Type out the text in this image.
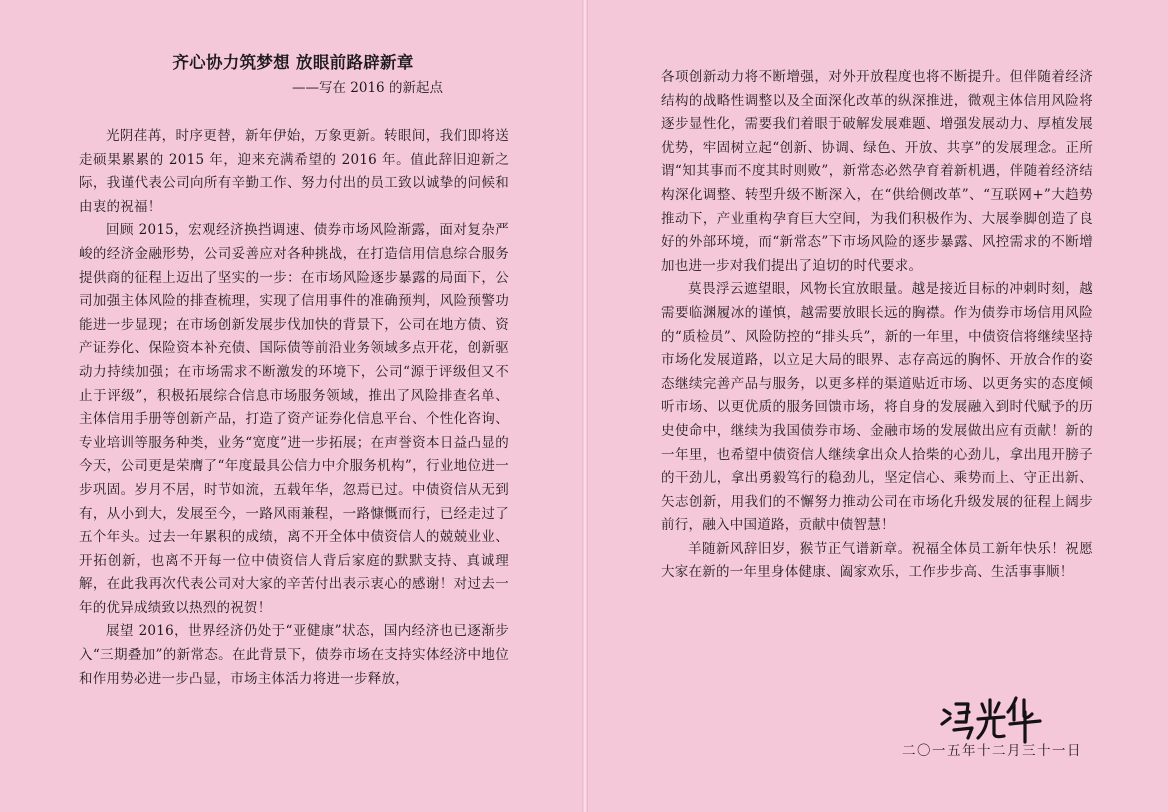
齐心协力筑梦想 放眼前路辟新章
——写在 2016 的新起点

光阴荏苒，时序更替，新年伊始，万象更新。转眼间，我们即将送走硕果累累的 2015 年，迎来充满希望的 2016 年。值此辞旧迎新之际，我谨代表公司向所有辛勤工作、努力付出的员工致以诚挚的问候和由衷的祝福！

回顾 2015，宏观经济换挡调速、债券市场风险渐露，面对复杂严峻的经济金融形势，公司妥善应对各种挑战，在打造信用信息综合服务提供商的征程上迈出了坚实的一步：在市场风险逐步暴露的局面下，公司加强主体风险的排查梳理，实现了信用事件的准确预判，风险预警功能进一步显现；在市场创新发展步伐加快的背景下，公司在地方债、资产证券化、保险资本补充债、国际债等前沿业务领域多点开花，创新驱动力持续加强；在市场需求不断激发的环境下，公司“源于评级但又不止于评级”，积极拓展综合信息市场服务领域，推出了风险排查名单、主体信用手册等创新产品，打造了资产证券化信息平台、个性化咨询、专业培训等服务种类，业务“宽度”进一步拓展；在声誉资本日益凸显的今天，公司更是荣膺了“年度最具公信力中介服务机构”，行业地位进一步巩固。岁月不居，时节如流，五载年华，忽焉已过。中债资信从无到有，从小到大，发展至今，一路风雨兼程，一路慷慨而行，已经走过了五个年头。过去一年累积的成绩，离不开全体中债资信人的兢兢业业、开拓创新，也离不开每一位中债资信人背后家庭的默默支持、真诚理解，在此我再次代表公司对大家的辛苦付出表示衷心的感谢！对过去一年的优异成绩致以热烈的祝贺！

展望 2016，世界经济仍处于“亚健康”状态，国内经济也已逐渐步入“三期叠加”的新常态。在此背景下，债券市场在支持实体经济中地位和作用势必进一步凸显，市场主体活力将进一步释放，

各项创新动力将不断增强，对外开放程度也将不断提升。但伴随着经济结构的战略性调整以及全面深化改革的纵深推进，微观主体信用风险将逐步显性化，需要我们着眼于破解发展难题、增强发展动力、厚植发展优势，牢固树立起“创新、协调、绿色、开放、共享”的发展理念。正所谓“知其事而不度其时则败”，新常态必然孕育着新机遇，伴随着经济结构深化调整、转型升级不断深入，在“供给侧改革”、“互联网+”大趋势推动下，产业重构孕育巨大空间，为我们积极作为、大展拳脚创造了良好的外部环境，而“新常态”下市场风险的逐步暴露、风控需求的不断增加也进一步对我们提出了迫切的时代要求。

莫畏浮云遮望眼，风物长宜放眼量。越是接近目标的冲刺时刻，越需要临渊履冰的谨慎，越需要放眼长远的胸襟。作为债券市场信用风险的“质检员”、风险防控的“排头兵”，新的一年里，中债资信将继续坚持市场化发展道路，以立足大局的眼界、志存高远的胸怀、开放合作的姿态继续完善产品与服务，以更多样的渠道贴近市场、以更务实的态度倾听市场、以更优质的服务回馈市场，将自身的发展融入到时代赋予的历史使命中，继续为我国债券市场、金融市场的发展做出应有贡献！新的一年里，也希望中债资信人继续拿出众人拾柴的心劲儿，拿出甩开膀子的干劲儿，拿出勇毅笃行的稳劲儿，坚定信心、乘势而上、守正出新、矢志创新，用我们的不懈努力推动公司在市场化升级发展的征程上阔步前行，融入中国道路，贡献中债智慧！

羊随新风辞旧岁，猴节正气谱新章。祝福全体员工新年快乐！祝愿大家在新的一年里身体健康、阖家欢乐，工作步步高、生活事事顺！

二〇一五年十二月三十一日
